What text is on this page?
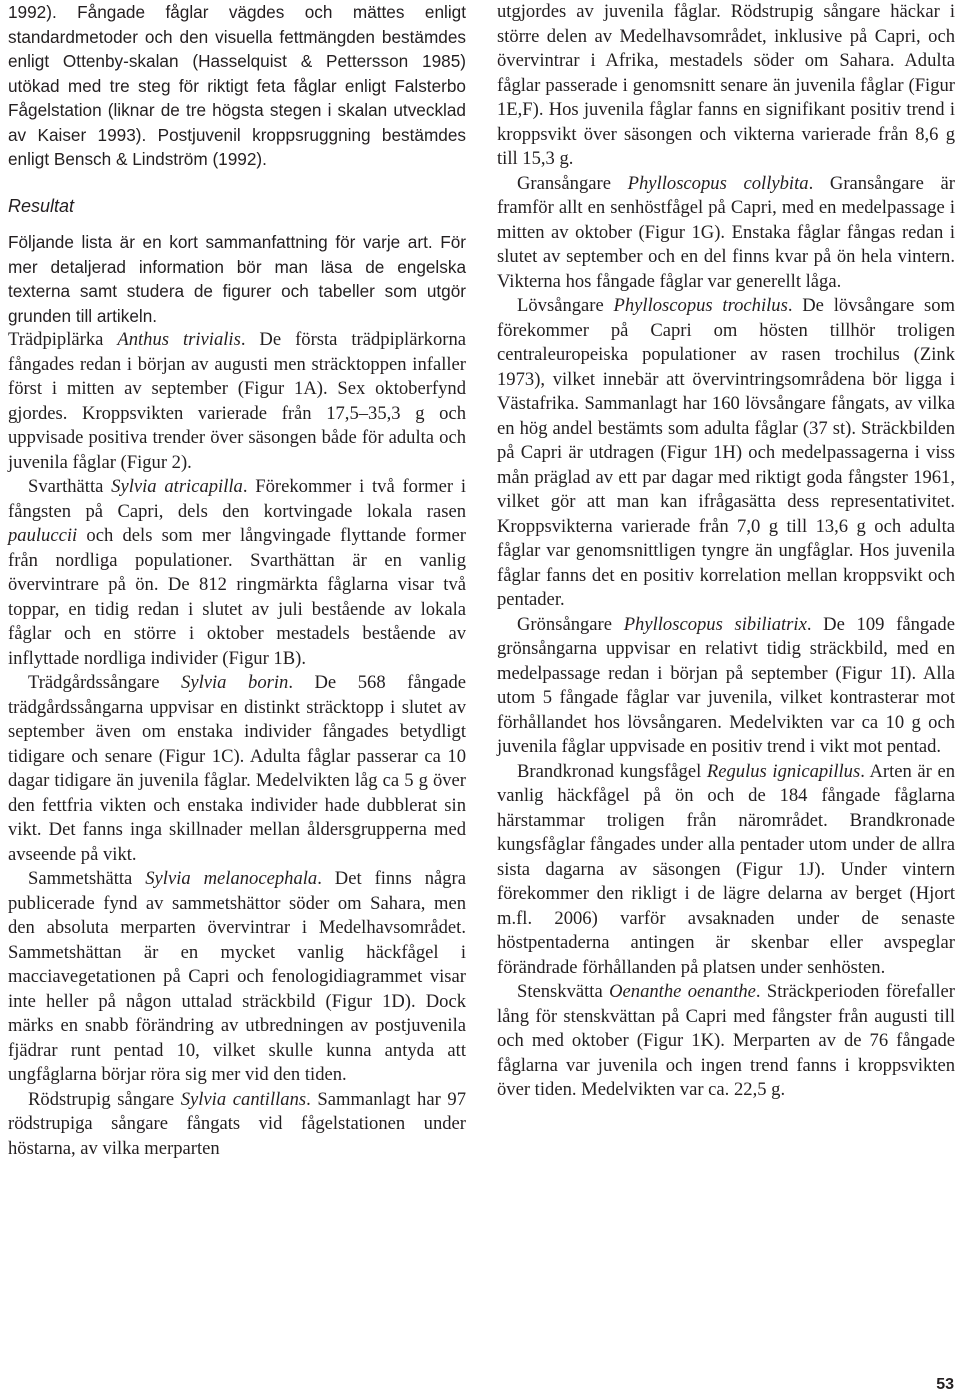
1992). Fångade fåglar vägdes och mättes enligt standardmetoder och den visuella fettmängden bestämdes enligt Ottenby-skalan (Hasselquist & Pettersson 1985) utökad med tre steg för riktigt feta fåglar enligt Falsterbo Fågelstation (liknar de tre högsta stegen i skalan utvecklad av Kaiser 1993). Postjuvenil kroppsruggning bestämdes enligt Bensch & Lindström (1992).

Resultat

Följande lista är en kort sammanfattning för varje art. För mer detaljerad information bör man läsa de engelska texterna samt studera de figurer och tabeller som utgör grunden till artikeln.

Trädpiplärka Anthus trivialis. De första trädpiplärkorna fångades redan i början av augusti men sträcktoppen infaller först i mitten av september (Figur 1A). Sex oktoberfynd gjordes. Kroppsvikten varierade från 17,5–35,3 g och uppvisade positiva trender över säsongen både för adulta och juvenila fåglar (Figur 2).

Svarthätta Sylvia atricapilla. Förekommer i två former i fångsten på Capri, dels den kortvingade lokala rasen pauluccii och dels som mer långvingade flyttande former från nordliga populationer. Svarthättan är en vanlig övervintrare på ön. De 812 ringmärkta fåglarna visar två toppar, en tidig redan i slutet av juli bestående av lokala fåglar och en större i oktober mestadels bestående av inflyttade nordliga individer (Figur 1B).

Trädgårdssångare Sylvia borin. De 568 fångade trädgårdssångarna uppvisar en distinkt sträcktopp i slutet av september även om enstaka individer fångades betydligt tidigare och senare (Figur 1C). Adulta fåglar passerar ca 10 dagar tidigare än juvenila fåglar. Medelvikten låg ca 5 g över den fettfria vikten och enstaka individer hade dubblerat sin vikt. Det fanns inga skillnader mellan åldersgrupperna med avseende på vikt.

Sammetshätta Sylvia melanocephala. Det finns några publicerade fynd av sammetshättor söder om Sahara, men den absoluta merparten övervintrar i Medelhavsområdet. Sammetshättan är en mycket vanlig häckfågel i macciavegetationen på Capri och fenologidiagrammet visar inte heller på någon uttalad sträckbild (Figur 1D). Dock märks en snabb förändring av utbredningen av postjuvenila fjädrar runt pentad 10, vilket skulle kunna antyda att ungfåglarna börjar röra sig mer vid den tiden.

Rödstrupig sångare Sylvia cantillans. Sammanlagt har 97 rödstrupiga sångare fångats vid fågelstationen under höstarna, av vilka merparten

utgjordes av juvenila fåglar. Rödstrupig sångare häckar i större delen av Medelhavsområdet, inklusive på Capri, och övervintrar i Afrika, mestadels söder om Sahara. Adulta fåglar passerade i genomsnitt senare än juvenila fåglar (Figur 1E,F). Hos juvenila fåglar fanns en signifikant positiv trend i kroppsvikt över säsongen och vikterna varierade från 8,6 g till 15,3 g.

Gransångare Phylloscopus collybita. Gransångare är framför allt en senhöstfågel på Capri, med en medelpassage i mitten av oktober (Figur 1G). Enstaka fåglar fångas redan i slutet av september och en del finns kvar på ön hela vintern. Vikterna hos fångade fåglar var generellt låga.

Lövsångare Phylloscopus trochilus. De lövsångare som förekommer på Capri om hösten tillhör troligen centraleuropeiska populationer av rasen trochilus (Zink 1973), vilket innebär att övervintringsområdena bör ligga i Västafrika. Sammanlagt har 160 lövsångare fångats, av vilka en hög andel bestämts som adulta fåglar (37 st). Sträckbilden på Capri är utdragen (Figur 1H) och medelpassagerna i viss mån präglad av ett par dagar med riktigt goda fångster 1961, vilket gör att man kan ifrågasätta dess representativitet. Kroppsvikterna varierade från 7,0 g till 13,6 g och adulta fåglar var genomsnittligen tyngre än ungfåglar. Hos juvenila fåglar fanns det en positiv korrelation mellan kroppsvikt och pentader.

Grönsångare Phylloscopus sibiliatrix. De 109 fångade grönsångarna uppvisar en relativt tidig sträckbild, med en medelpassage redan i början på september (Figur 1I). Alla utom 5 fångade fåglar var juvenila, vilket kontrasterar mot förhållandet hos lövsångaren. Medelvikten var ca 10 g och juvenila fåglar uppvisade en positiv trend i vikt mot pentad.

Brandkronad kungsfågel Regulus ignicapillus. Arten är en vanlig häckfågel på ön och de 184 fångade fåglarna härstammar troligen från närområdet. Brandkronade kungsfåglar fångades under alla pentader utom under de allra sista dagarna av säsongen (Figur 1J). Under vintern förekommer den rikligt i de lägre delarna av berget (Hjort m.fl. 2006) varför avsaknaden under de senaste höstpentaderna antingen är skenbar eller avspeglar förändrade förhållanden på platsen under senhösten.

Stenskvätta Oenanthe oenanthe. Sträckperioden förefaller lång för stenskvättan på Capri med fångster från augusti till och med oktober (Figur 1K). Merparten av de 76 fångade fåglarna var juvenila och ingen trend fanns i kroppsvikten över tiden. Medelvikten var ca. 22,5 g.

53
